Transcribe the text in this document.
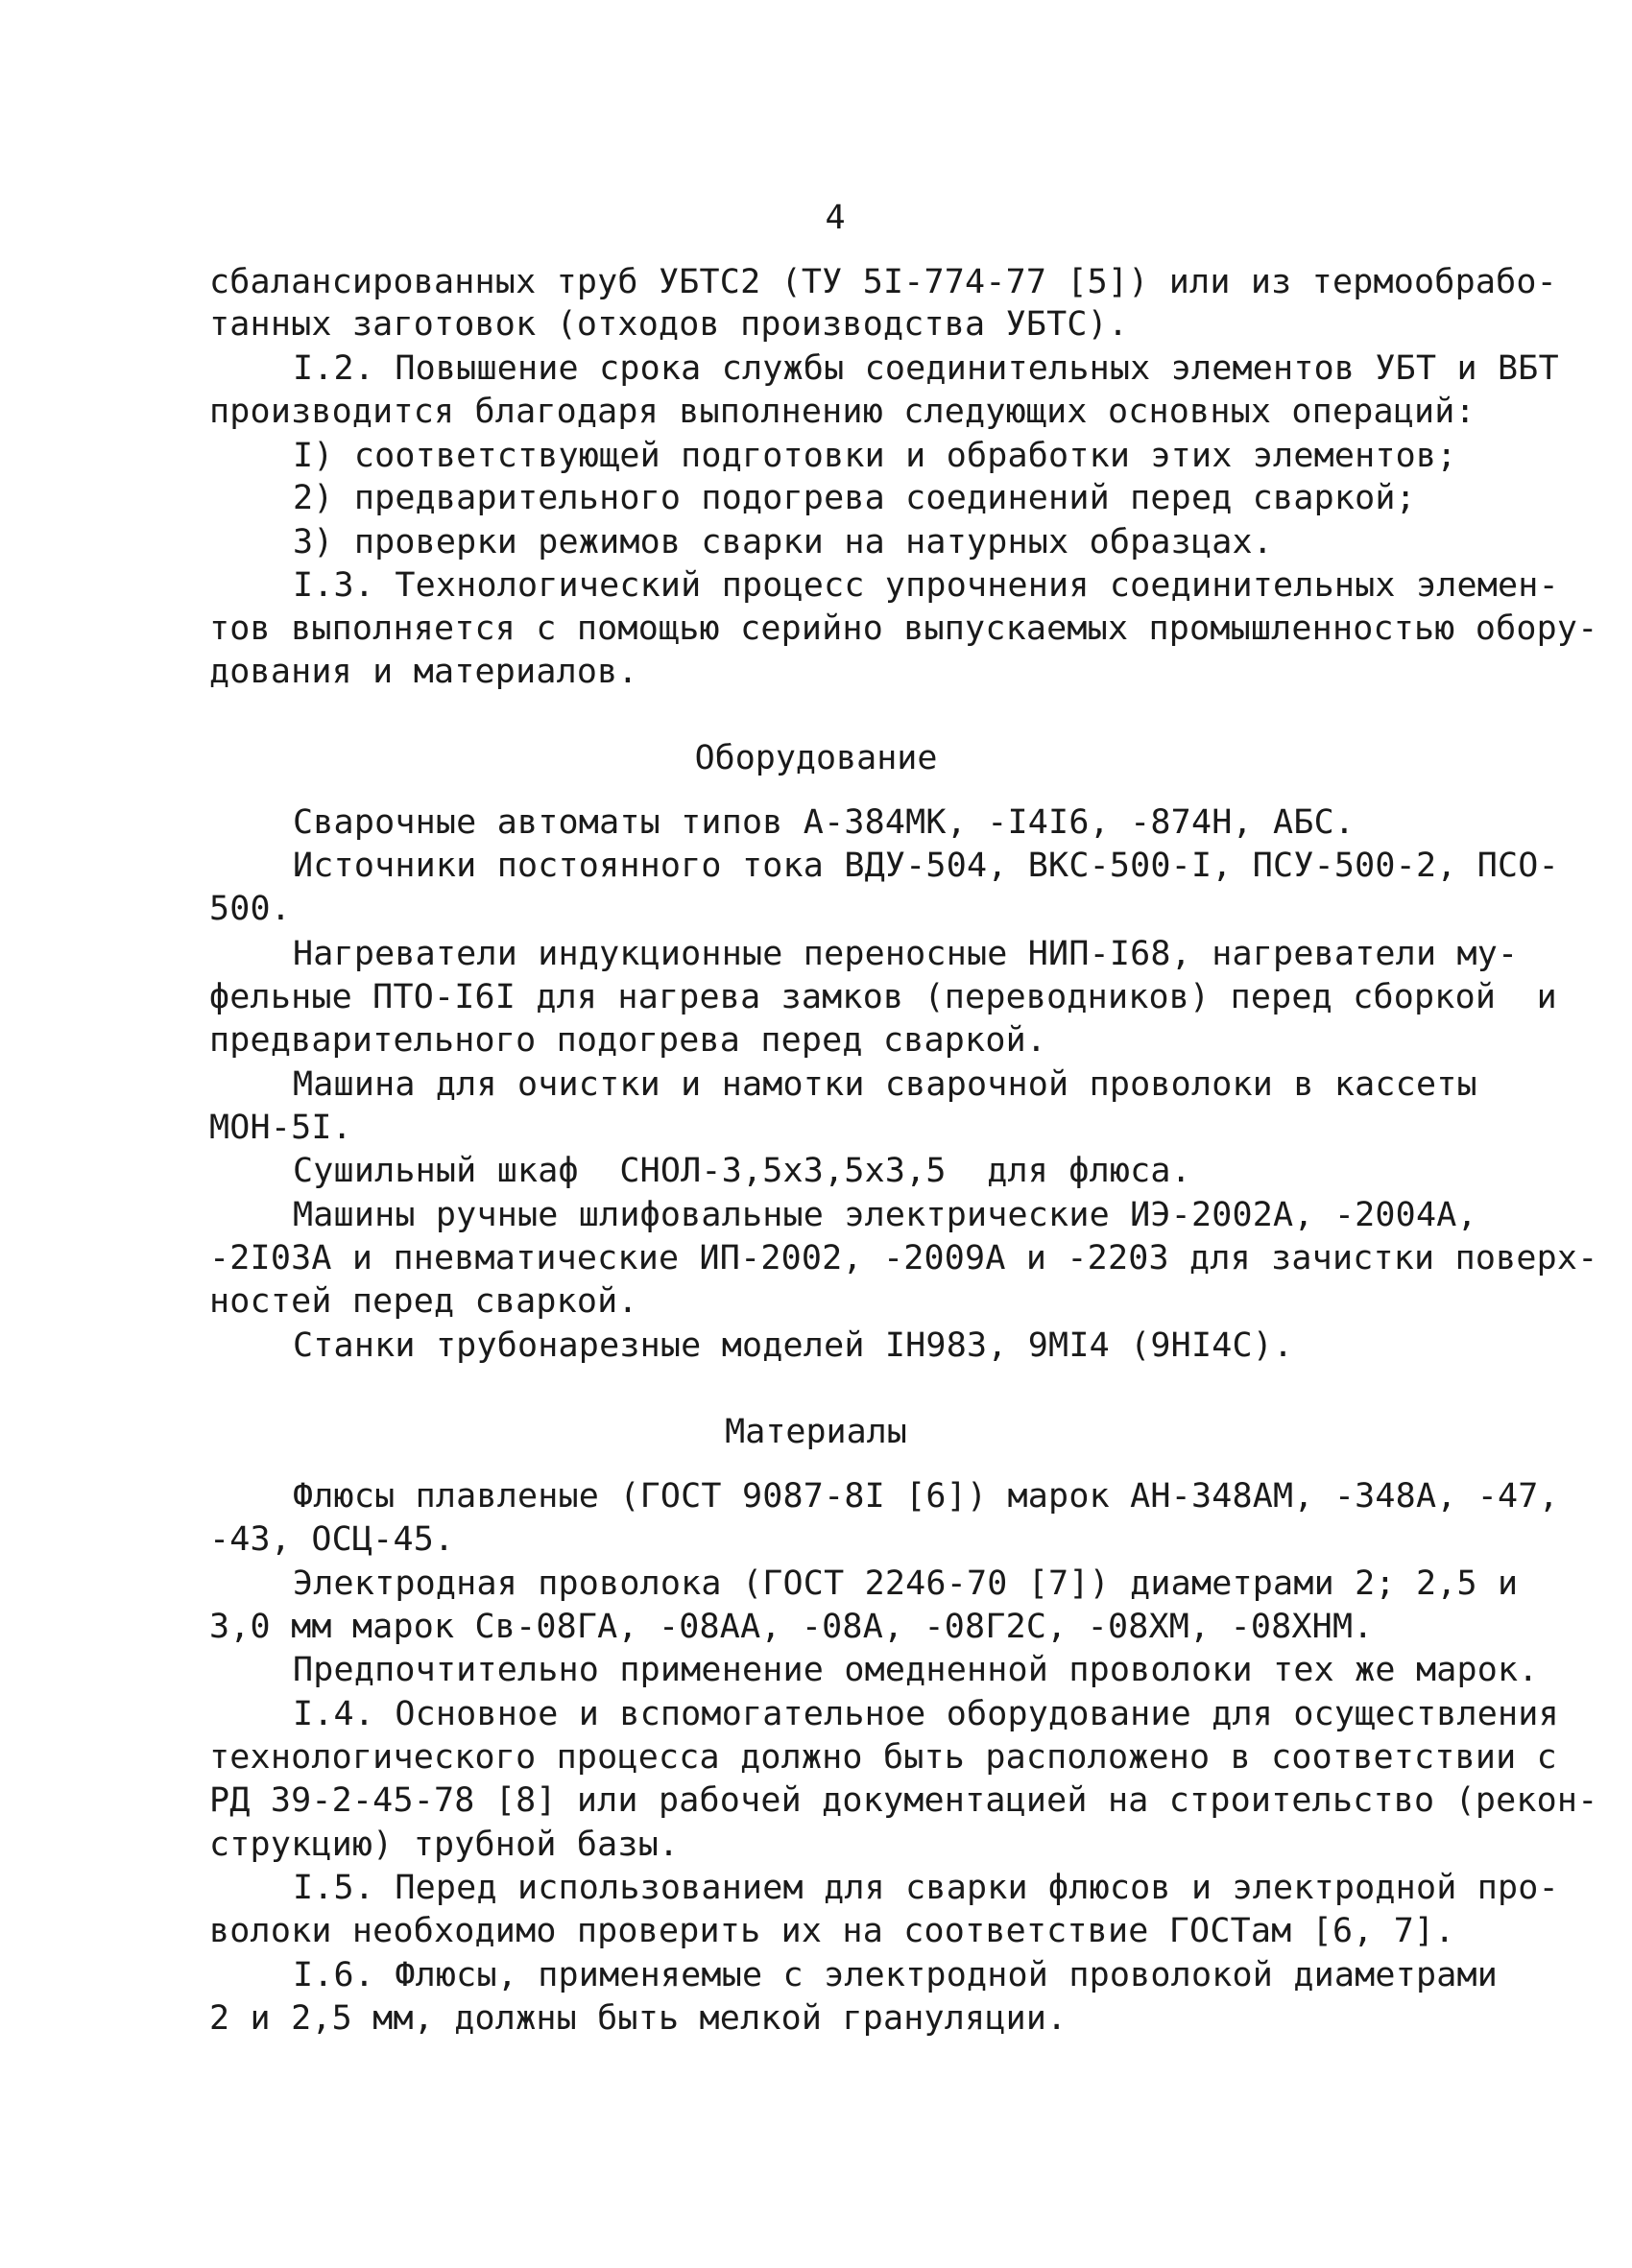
4
сбалансированных труб УБТС2 (ТУ 5I-774-77 [5]) или из термообрабо-
танных заготовок (отходов производства УБТС).
I.2. Повышение срока службы соединительных элементов УБТ и ВБТ
производится благодаря выполнению следующих основных операций:
I) соответствующей подготовки и обработки этих элементов;
2) предварительного подогрева соединений перед сваркой;
3) проверки режимов сварки на натурных образцах.
I.3. Технологический процесс упрочнения соединительных элемен-
тов выполняется с помощью серийно выпускаемых промышленностью обору-
дования и материалов.
Оборудование
Сварочные автоматы типов А-384МК, -I4I6, -874Н, АБС.
Источники постоянного тока ВДУ-504, ВКС-500-I, ПСУ-500-2, ПСО-
500.
Нагреватели индукционные переносные НИП-I68, нагреватели му-
фельные ПТО-I6I для нагрева замков (переводников) перед сборкой  и
предварительного подогрева перед сваркой.
Машина для очистки и намотки сварочной проволоки в кассеты
МОН-5I.
Сушильный шкаф  СНОЛ-3,5х3,5х3,5  для флюса.
Машины ручные шлифовальные электрические ИЭ-2002А, -2004А,
-2I03А и пневматические ИП-2002, -2009А и -2203 для зачистки поверх-
ностей перед сваркой.
Станки трубонарезные моделей IН983, 9МI4 (9НI4С).
Материалы
Флюсы плавленые (ГОСТ 9087-8I [6]) марок АН-348АМ, -348А, -47,
-43, ОСЦ-45.
Электродная проволока (ГОСТ 2246-70 [7]) диаметрами 2; 2,5 и
3,0 мм марок Св-08ГА, -08АА, -08А, -08Г2С, -08ХМ, -08ХНМ.
Предпочтительно применение омедненной проволоки тех же марок.
I.4. Основное и вспомогательное оборудование для осуществления
технологического процесса должно быть расположено в соответствии с
РД 39-2-45-78 [8] или рабочей документацией на строительство (рекон-
струкцию) трубной базы.
I.5. Перед использованием для сварки флюсов и электродной про-
волоки необходимо проверить их на соответствие ГОСТам [6, 7].
I.6. Флюсы, применяемые с электродной проволокой диаметрами
2 и 2,5 мм, должны быть мелкой грануляции.
